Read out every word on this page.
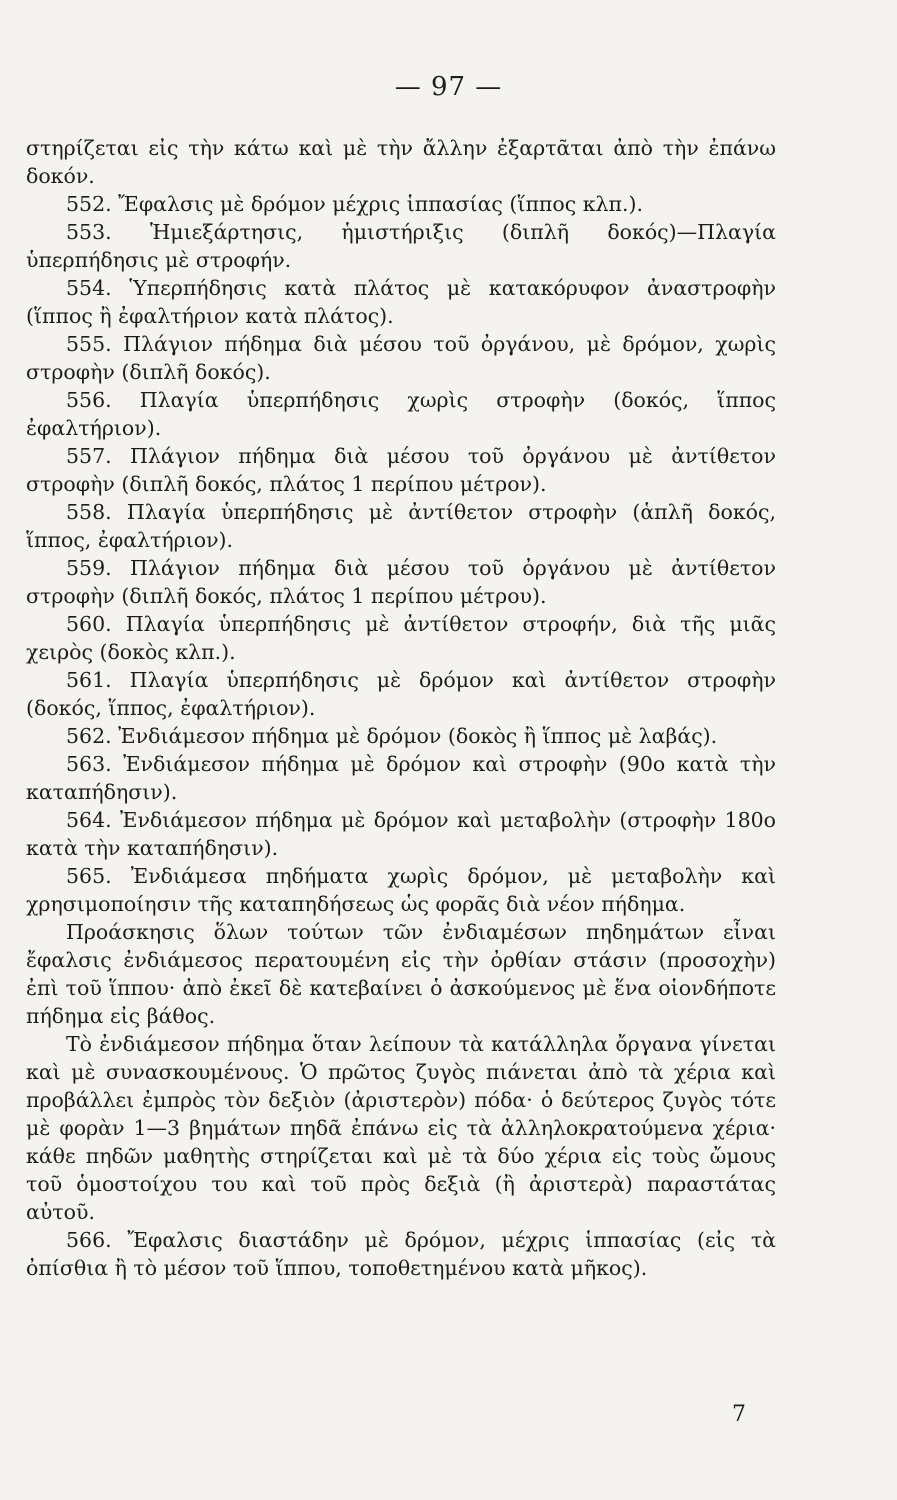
— 97 —

στηρίζεται εἰς τὴν κάτω καὶ μὲ τὴν ἄλλην ἐξαρτᾶται ἀπὸ τὴν ἐπάνω δοκόν.

552. Ἔφαλσις μὲ δρόμον μέχρις ἱππασίας (ἵππος κλπ.).

553. Ἡμιεξάρτησις, ἡμιστήριξις (διπλῆ δοκός)—Πλαγία ὑπερπήδησις μὲ στροφήν.

554. Ὑπερπήδησις κατὰ πλάτος μὲ κατακόρυφον ἀναστροφὴν (ἵππος ἢ ἐφαλτήριον κατὰ πλάτος).

555. Πλάγιον πήδημα διὰ μέσου τοῦ ὀργάνου, μὲ δρόμον, χωρὶς στροφὴν (διπλῆ δοκός).

556. Πλαγία ὑπερπήδησις χωρὶς στροφὴν (δοκός, ἵππος ἐφαλτήριον).

557. Πλάγιον πήδημα διὰ μέσου τοῦ ὀργάνου μὲ ἀντίθετον στροφὴν (διπλῆ δοκός, πλάτος 1 περίπου μέτρον).

558. Πλαγία ὑπερπήδησις μὲ ἀντίθετον στροφὴν (ἁπλῆ δοκός, ἵππος, ἐφαλτήριον).

559. Πλάγιον πήδημα διὰ μέσου τοῦ ὀργάνου μὲ ἀντίθετον στροφὴν (διπλῆ δοκός, πλάτος 1 περίπου μέτρου).

560. Πλαγία ὑπερπήδησις μὲ ἀντίθετον στροφήν, διὰ τῆς μιᾶς χειρὸς (δοκὸς κλπ.).

561. Πλαγία ὑπερπήδησις μὲ δρόμον καὶ ἀντίθετον στροφὴν (δοκός, ἵππος, ἐφαλτήριον).

562. Ἐνδιάμεσον πήδημα μὲ δρόμον (δοκὸς ἢ ἵππος μὲ λαβάς).

563. Ἐνδιάμεσον πήδημα μὲ δρόμον καὶ στροφὴν (90ο κατὰ τὴν καταπήδησιν).

564. Ἐνδιάμεσον πήδημα μὲ δρόμον καὶ μεταβολὴν (στροφὴν 180ο κατὰ τὴν καταπήδησιν).

565. Ἐνδιάμεσα πηδήματα χωρὶς δρόμον, μὲ μεταβολὴν καὶ χρησιμοποίησιν τῆς καταπηδήσεως ὡς φορᾶς διὰ νέον πήδημα.

Προάσκησις ὅλων τούτων τῶν ἐνδιαμέσων πηδημάτων εἶναι ἔφαλσις ἐνδιάμεσος περατουμένη εἰς τὴν ὀρθίαν στάσιν (προσοχὴν) ἐπὶ τοῦ ἵππου· ἀπὸ ἐκεῖ δὲ κατεβαίνει ὁ ἀσκούμενος μὲ ἕνα οἱονδήποτε πήδημα εἰς βάθος.

Τὸ ἐνδιάμεσον πήδημα ὅταν λείπουν τὰ κατάλληλα ὄργανα γίνεται καὶ μὲ συνασκουμένους. Ὁ πρῶτος ζυγὸς πιάνεται ἀπὸ τὰ χέρια καὶ προβάλλει ἐμπρὸς τὸν δεξιὸν (ἀριστερὸν) πόδα· ὁ δεύτερος ζυγὸς τότε μὲ φορὰν 1—3 βημάτων πηδᾶ ἐπάνω εἰς τὰ ἀλληλοκρατούμενα χέρια· κάθε πηδῶν μαθητὴς στηρίζεται καὶ μὲ τὰ δύο χέρια εἰς τοὺς ὤμους τοῦ ὁμοστοίχου του καὶ τοῦ πρὸς δεξιὰ (ἢ ἀριστερὰ) παραστάτας αὐτοῦ.

566. Ἔφαλσις διαστάδην μὲ δρόμον, μέχρις ἱππασίας (εἰς τὰ ὀπίσθια ἢ τὸ μέσον τοῦ ἵππου, τοποθετημένου κατὰ μῆκος).

7
